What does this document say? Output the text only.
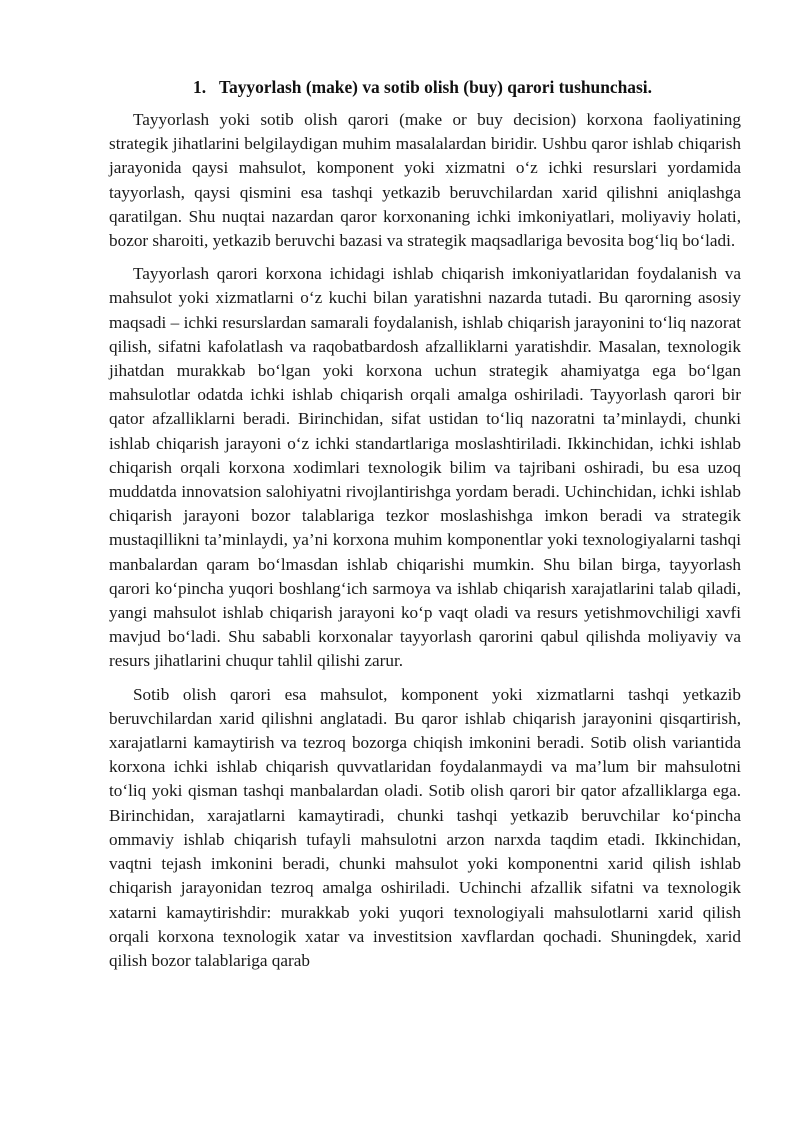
1. Tayyorlash (make) va sotib olish (buy) qarori tushunchasi.

Tayyorlash yoki sotib olish qarori (make or buy decision) korxona faoliyatining strategik jihatlarini belgilaydigan muhim masalalardan biridir. Ushbu qaror ishlab chiqarish jarayonida qaysi mahsulot, komponent yoki xizmatni o‘z ichki resurslari yordamida tayyorlash, qaysi qismini esa tashqi yetkazib beruvchilardan xarid qilishni aniqlashga qaratilgan. Shu nuqtai nazardan qaror korxonaning ichki imkoniyatlari, moliyaviy holati, bozor sharoiti, yetkazib beruvchi bazasi va strategik maqsadlariga bevosita bog‘liq bo‘ladi.

Tayyorlash qarori korxona ichidagi ishlab chiqarish imkoniyatlaridan foydalanish va mahsulot yoki xizmatlarni o‘z kuchi bilan yaratishni nazarda tutadi. Bu qarorning asosiy maqsadi – ichki resurslardan samarali foydalanish, ishlab chiqarish jarayonini to‘liq nazorat qilish, sifatni kafolatlash va raqobatbardosh afzalliklarni yaratishdir. Masalan, texnologik jihatdan murakkab bo‘lgan yoki korxona uchun strategik ahamiyatga ega bo‘lgan mahsulotlar odatda ichki ishlab chiqarish orqali amalga oshiriladi. Tayyorlash qarori bir qator afzalliklarni beradi. Birinchidan, sifat ustidan to‘liq nazoratni ta’minlaydi, chunki ishlab chiqarish jarayoni o‘z ichki standartlariga moslashtiriladi. Ikkinchidan, ichki ishlab chiqarish orqali korxona xodimlari texnologik bilim va tajribani oshiradi, bu esa uzoq muddatda innovatsion salohiyatni rivojlantirishga yordam beradi. Uchinchidan, ichki ishlab chiqarish jarayoni bozor talablariga tezkor moslashishga imkon beradi va strategik mustaqillikni ta’minlaydi, ya’ni korxona muhim komponentlar yoki texnologiyalarni tashqi manbalardan qaram bo‘lmasdan ishlab chiqarishi mumkin. Shu bilan birga, tayyorlash qarori ko‘pincha yuqori boshlang‘ich sarmoya va ishlab chiqarish xarajatlarini talab qiladi, yangi mahsulot ishlab chiqarish jarayoni ko‘p vaqt oladi va resurs yetishmovchiligi xavfi mavjud bo‘ladi. Shu sababli korxonalar tayyorlash qarorini qabul qilishda moliyaviy va resurs jihatlarini chuqur tahlil qilishi zarur.

Sotib olish qarori esa mahsulot, komponent yoki xizmatlarni tashqi yetkazib beruvchilardan xarid qilishni anglatadi. Bu qaror ishlab chiqarish jarayonini qisqartirish, xarajatlarni kamaytirish va tezroq bozorga chiqish imkonini beradi. Sotib olish variantida korxona ichki ishlab chiqarish quvvatlaridan foydalanmaydi va ma’lum bir mahsulotni to‘liq yoki qisman tashqi manbalardan oladi. Sotib olish qarori bir qator afzalliklarga ega. Birinchidan, xarajatlarni kamaytiradi, chunki tashqi yetkazib beruvchilar ko‘pincha ommaviy ishlab chiqarish tufayli mahsulotni arzon narxda taqdim etadi. Ikkinchidan, vaqtni tejash imkonini beradi, chunki mahsulot yoki komponentni xarid qilish ishlab chiqarish jarayonidan tezroq amalga oshiriladi. Uchinchi afzallik sifatni va texnologik xatarni kamaytirishdir: murakkab yoki yuqori texnologiyali mahsulotlarni xarid qilish orqali korxona texnologik xatar va investitsion xavflardan qochadi. Shuningdek, xarid qilish bozor talablariga qarab
